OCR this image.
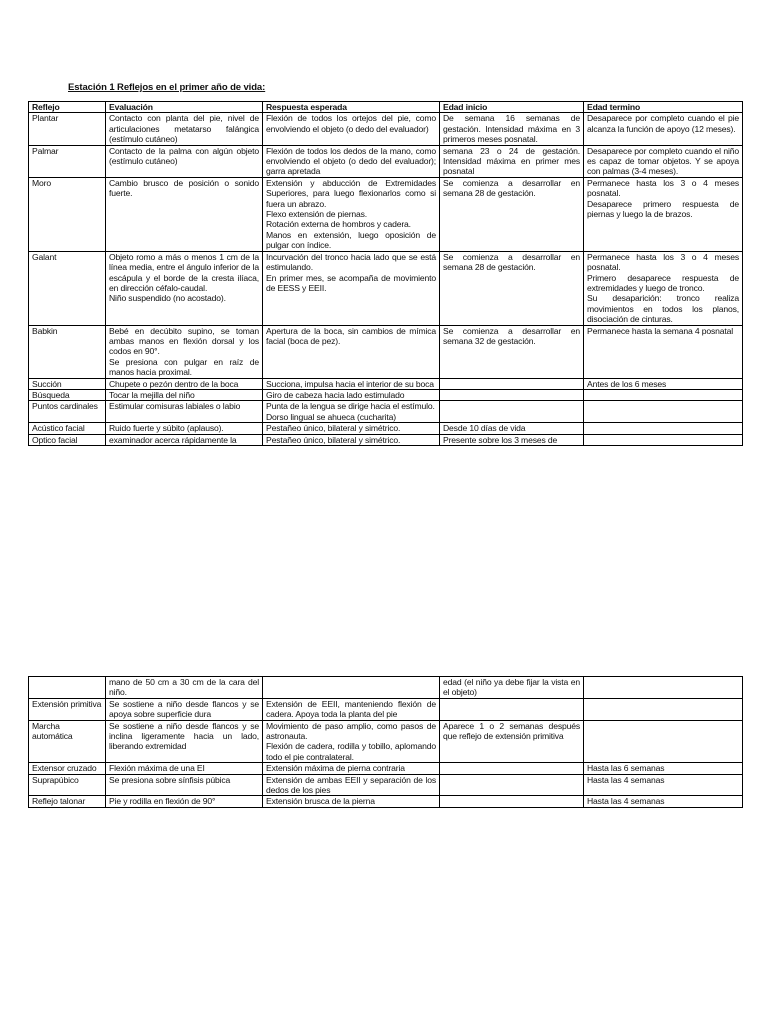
Estación 1 Reflejos en el primer año de vida:
Reflejo	Evaluación	Respuesta esperada	Edad inicio	Edad termino

Plantar	Contacto con planta del pie, nivel de articulaciones metatarso falángica (estímulo cutáneo)	Flexión de todos los ortejos del pie, como envolviendo el objeto (o dedo del evaluador)	De semana 16 semanas de gestación. Intensidad máxima en 3 primeros meses posnatal.	Desaparece por completo cuando el pie alcanza la función de apoyo (12 meses).

Palmar	Contacto de la palma con algún objeto (estímulo cutáneo)	Flexión de todos los dedos de la mano, como envolviendo el objeto (o dedo del evaluador); garra apretada	semana 23 o 24 de gestación. Intensidad máxima en primer mes posnatal	Desaparece por completo cuando el niño es capaz de tomar objetos. Y se apoya con palmas (3-4 meses).

Moro	Cambio brusco de posición o sonido fuerte.	Extensión y abducción de Extremidades Superiores, para luego flexionarlos como si fuera un abrazo.
Flexo extensión de piernas.
Rotación externa de hombros y cadera.
Manos en extensión, luego oposición de pulgar con índice.	Se comienza a desarrollar en semana 28 de gestación.	Permanece hasta los 3 o 4 meses posnatal.
Desaparece primero respuesta de piernas y luego la de brazos.

Galant	Objeto romo a más o menos 1 cm de la línea media, entre el ángulo inferior de la escápula y el borde de la cresta ilíaca, en dirección céfalo-caudal.
Niño suspendido (no acostado).	Incurvación del tronco hacia lado que se está estimulando.
En primer mes, se acompaña de movimiento de EESS y EEII.	Se comienza a desarrollar en semana 28 de gestación.	Permanece hasta los 3 o 4 meses posnatal.
Primero desaparece respuesta de extremidades y luego de tronco.
Su desaparición: tronco realiza movimientos en todos los planos, disociación de cinturas.

Babkin	Bebé en decúbito supino, se toman ambas manos en flexión dorsal y los codos en 90°.
Se presiona con pulgar en raíz de manos hacia proximal.	Apertura de la boca, sin cambios de mímica facial (boca de pez).	Se comienza a desarrollar en semana 32 de gestación.	Permanece hasta la semana 4 posnatal

Succión	Chupete o pezón dentro de la boca	Succiona, impulsa hacia el interior de su boca		Antes de los 6 meses

Búsqueda	Tocar la mejilla del niño	Giro de cabeza hacia lado estimulado		

Puntos cardinales	Estimular comisuras labiales o labio	Punta de la lengua se dirige hacia el estímulo.
Dorso lingual se ahueca (cucharita)		

Acústico facial	Ruido fuerte y súbito (aplauso).	Pestañeo único, bilateral y simétrico.	Desde 10 días de vida	

Optico facial	examinador acerca rápidamente la	Pestañeo único, bilateral y simétrico.	Presente sobre los 3 meses de	

	mano de 50 cm a 30 cm de la cara del niño.		edad (el niño ya debe fijar la vista en el objeto)	

Extensión primitiva	Se sostiene a niño desde flancos y se apoya sobre superficie dura	Extensión de EEII, manteniendo flexión de cadera. Apoya toda la planta del pie		

Marcha automática	Se sostiene a niño desde flancos y se inclina ligeramente hacia un lado, liberando extremidad	Movimiento de paso amplio, como pasos de astronauta.
Flexión de cadera, rodilla y tobillo, aplomando todo el pie contralateral.	Aparece 1 o 2 semanas después que reflejo de extensión primitiva	

Extensor cruzado	Flexión máxima de una EI	Extensión máxima de pierna contraria		Hasta las 6 semanas

Suprapúbico	Se presiona sobre sínfisis púbica	Extensión de ambas EEII y separación de los dedos de los pies		Hasta las 4 semanas

Reflejo talonar	Pie y rodilla en flexión de 90°	Extensión brusca de la pierna		Hasta las 4 semanas
